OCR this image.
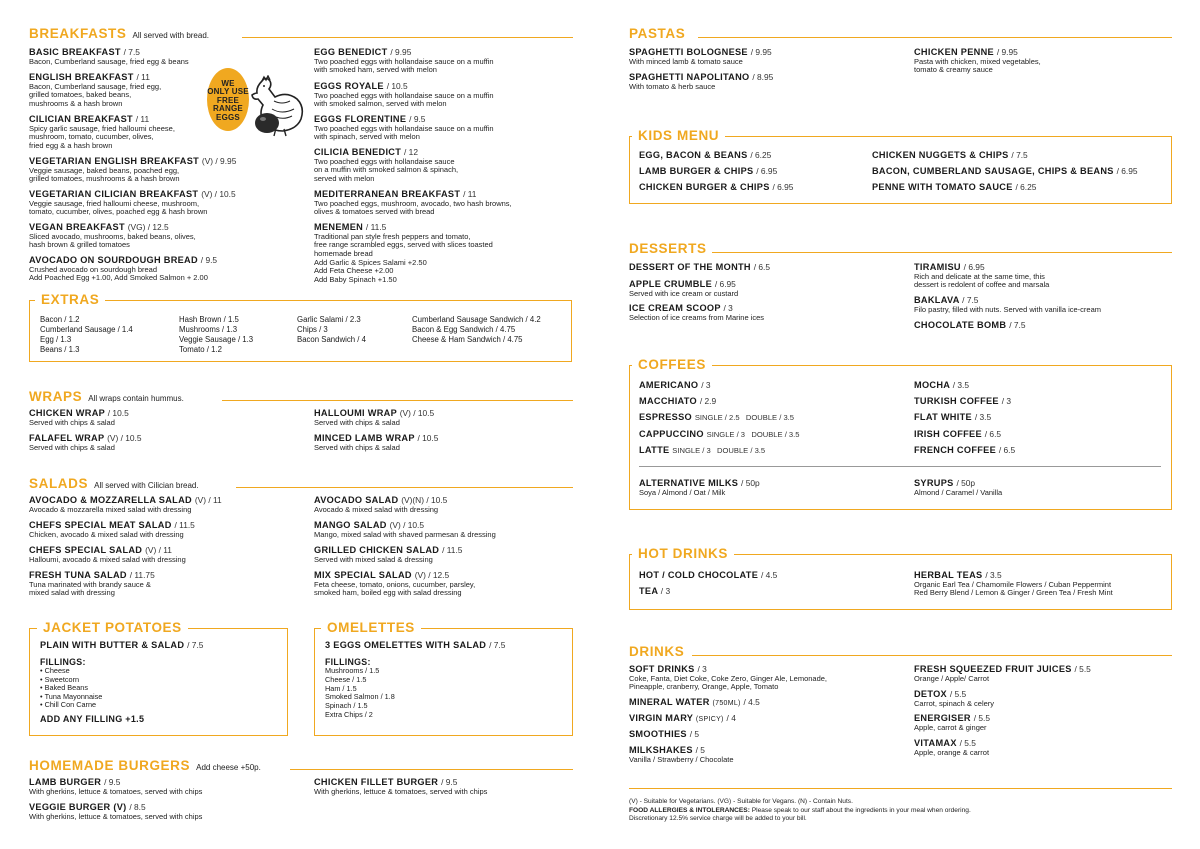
BREAKFASTS All served with bread.
BASIC BREAKFAST / 7.5
Bacon, Cumberland sausage, fried egg & beans
ENGLISH BREAKFAST / 11
Bacon, Cumberland sausage, fried egg,
grilled tomatoes, baked beans,
mushrooms & a hash brown
CILICIAN BREAKFAST / 11
Spicy garlic sausage, fried halloumi cheese,
mushroom, tomato, cucumber, olives,
fried egg & a hash brown
VEGETARIAN ENGLISH BREAKFAST (V) / 9.95
Veggie sausage, baked beans, poached egg,
grilled tomatoes, mushrooms & a hash brown
VEGETARIAN CILICIAN BREAKFAST (V) / 10.5
Veggie sausage, fried halloumi cheese, mushroom,
tomato, cucumber, olives, poached egg & hash brown
VEGAN BREAKFAST (VG) / 12.5
Sliced avocado, mushrooms, baked beans, olives,
hash brown & grilled tomatoes
AVOCADO ON SOURDOUGH BREAD / 9.5
Crushed avocado on sourdough bread
Add Poached Egg +1.00, Add Smoked Salmon + 2.00
WE
ONLY USE
FREE RANGE
EGGS
EGG BENEDICT / 9.95
Two poached eggs with hollandaise sauce on a muffin
with smoked ham, served with melon
EGGS ROYALE / 10.5
Two poached eggs with hollandaise sauce on a muffin
with smoked salmon, served with melon
EGGS FLORENTINE / 9.5
Two poached eggs with hollandaise sauce on a muffin
with spinach, served with melon
CILICIA BENEDICT / 12
Two poached eggs with hollandaise sauce
on a muffin with smoked salmon & spinach,
served with melon
MEDITERRANEAN BREAKFAST / 11
Two poached eggs, mushroom, avocado, two hash browns,
olives & tomatoes served with bread
MENEMEN / 11.5
Traditional pan style fresh peppers and tomato,
free range scrambled eggs, served with slices toasted
homemade bread
Add Garlic & Spices Salami +2.50
Add Feta Cheese +2.00
Add Baby Spinach +1.50
EXTRAS
Bacon / 1.2
Cumberland Sausage / 1.4
Egg / 1.3
Beans / 1.3
Hash Brown / 1.5
Mushrooms / 1.3
Veggie Sausage / 1.3
Tomato / 1.2
Garlic Salami / 2.3
Chips / 3
Bacon Sandwich / 4
Cumberland Sausage Sandwich / 4.2
Bacon & Egg Sandwich / 4.75
Cheese & Ham Sandwich / 4.75
WRAPS All wraps contain hummus.
CHICKEN WRAP / 10.5
Served with chips & salad
FALAFEL WRAP (V) / 10.5
Served with chips & salad
HALLOUMI WRAP (V) / 10.5
Served with chips & salad
MINCED LAMB WRAP / 10.5
Served with chips & salad
SALADS All served with Cilician bread.
AVOCADO & MOZZARELLA SALAD (V) / 11
Avocado & mozzarella mixed salad with dressing
CHEFS SPECIAL MEAT SALAD / 11.5
Chicken, avocado & mixed salad with dressing
CHEFS SPECIAL SALAD (V) / 11
Halloumi, avocado & mixed salad with dressing
FRESH TUNA SALAD / 11.75
Tuna marinated with brandy sauce &
mixed salad with dressing
AVOCADO SALAD (V)(N) / 10.5
Avocado & mixed salad with dressing
MANGO SALAD (V) / 10.5
Mango, mixed salad with shaved parmesan & dressing
GRILLED CHICKEN SALAD / 11.5
Served with mixed salad & dressing
MIX SPECIAL SALAD (V) / 12.5
Feta cheese, tomato, onions, cucumber, parsley,
smoked ham, boiled egg with salad dressing
JACKET POTATOES
PLAIN WITH BUTTER & SALAD / 7.5
FILLINGS:
• Cheese
• Sweetcorn
• Baked Beans
• Tuna Mayonnaise
• Chill Con Carne
ADD ANY FILLING +1.5
OMELETTES
3 EGGS OMELETTES WITH SALAD / 7.5
FILLINGS:
Mushrooms / 1.5
Cheese / 1.5
Ham / 1.5
Smoked Salmon / 1.8
Spinach / 1.5
Extra Chips / 2
HOMEMADE BURGERS Add cheese +50p.
LAMB BURGER / 9.5
With gherkins, lettuce & tomatoes, served with chips
VEGGIE BURGER (V) / 8.5
With gherkins, lettuce & tomatoes, served with chips
CHICKEN FILLET BURGER / 9.5
With gherkins, lettuce & tomatoes, served with chips
PASTAS
SPAGHETTI BOLOGNESE / 9.95
With minced lamb & tomato sauce
SPAGHETTI NAPOLITANO / 8.95
With tomato & herb sauce
CHICKEN PENNE / 9.95
Pasta with chicken, mixed vegetables,
tomato & creamy sauce
KIDS MENU
EGG, BACON & BEANS / 6.25
LAMB BURGER & CHIPS / 6.95
CHICKEN BURGER & CHIPS / 6.95
CHICKEN NUGGETS & CHIPS / 7.5
BACON, CUMBERLAND SAUSAGE, CHIPS & BEANS / 6.95
PENNE WITH TOMATO SAUCE / 6.25
DESSERTS
DESSERT OF THE MONTH / 6.5
APPLE CRUMBLE / 6.95
Served with ice cream or custard
ICE CREAM SCOOP / 3
Selection of ice creams from Marine ices
TIRAMISU / 6.95
Rich and delicate at the same time, this
dessert is redolent of coffee and marsala
BAKLAVA / 7.5
Filo pastry, filled with nuts. Served with vanilla ice-cream
CHOCOLATE BOMB / 7.5
COFFEES
AMERICANO / 3
MACCHIATO / 2.9
ESPRESSO SINGLE / 2.5   DOUBLE / 3.5
CAPPUCCINO SINGLE / 3   DOUBLE / 3.5
LATTE SINGLE / 3   DOUBLE / 3.5
MOCHA / 3.5
TURKISH COFFEE / 3
FLAT WHITE / 3.5
IRISH COFFEE / 6.5
FRENCH COFFEE / 6.5
ALTERNATIVE MILKS / 50p
Soya / Almond / Oat / Milk
SYRUPS / 50p
Almond / Caramel / Vanilla
HOT DRINKS
HOT / COLD CHOCOLATE / 4.5
TEA / 3
HERBAL TEAS / 3.5
Organic Earl Tea / Chamomile Flowers / Cuban Peppermint
Red Berry Blend / Lemon & Ginger / Green Tea / Fresh Mint
DRINKS
SOFT DRINKS / 3
Coke, Fanta, Diet Coke, Coke Zero, Ginger Ale, Lemonade,
Pineapple, cranberry, Orange, Apple, Tomato
MINERAL WATER (750ML) / 4.5
VIRGIN MARY (SPICY) / 4
SMOOTHIES / 5
MILKSHAKES / 5
Vanilla / Strawberry / Chocolate
FRESH SQUEEZED FRUIT JUICES / 5.5
Orange / Apple/ Carrot
DETOX / 5.5
Carrot, spinach & celery
ENERGISER / 5.5
Apple, carrot & ginger
VITAMAX / 5.5
Apple, orange & carrot
(V) - Suitable for Vegetarians. (VG) - Suitable for Vegans. (N) - Contain Nuts.
FOOD ALLERGIES & INTOLERANCES: Please speak to our staff about the ingredients in your meal when ordering.
Discretionary 12.5% service charge will be added to your bill.
